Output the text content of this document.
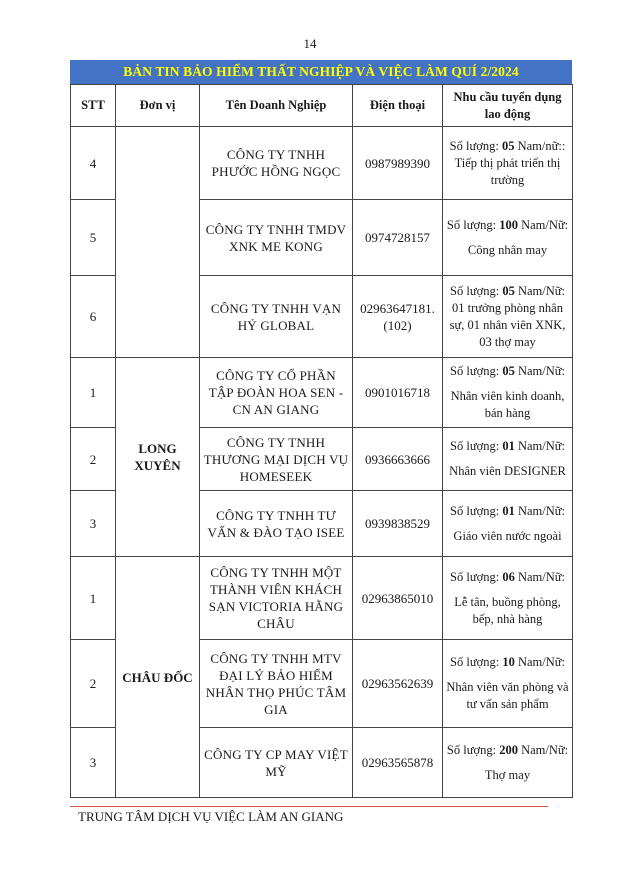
14
BẢN TIN BẢO HIỂM THẤT NGHIỆP VÀ VIỆC LÀM QUÍ 2/2024
STT	Đơn vị	Tên Doanh Nghiệp	Điện thoại	Nhu cầu tuyển dụng lao động
4		CÔNG TY TNHH PHƯỚC HỒNG NGỌC	0987989390	Số lượng: 05 Nam/nữ::
Tiếp thị phát triển thị trường

5		CÔNG TY TNHH TMDV XNK ME KONG	0974728157	Số lượng: 100 Nam/Nữ:
Công nhân may

6		CÔNG TY TNHH VẠN HỶ GLOBAL	02963647181. (102)	Số lượng: 05 Nam/Nữ:
01 trưởng phòng nhân sự, 01 nhân viên XNK, 03 thợ may

1	LONG XUYÊN	CÔNG TY CỔ PHẦN TẬP ĐOÀN HOA SEN - CN AN GIANG	0901016718	Số lượng: 05 Nam/Nữ:
Nhân viên kinh doanh, bán hàng

2		CÔNG TY TNHH THƯƠNG MẠI DỊCH VỤ HOMESEEK	0936663666	Số lượng: 01 Nam/Nữ:
Nhân viên DESIGNER

3		CÔNG TY TNHH TƯ VẤN & ĐÀO TẠO ISEE	0939838529	Số lượng: 01 Nam/Nữ:
Giáo viên nước ngoài

1	CHÂU ĐỐC	CÔNG TY TNHH MỘT THÀNH VIÊN KHÁCH SẠN VICTORIA HẰNG CHÂU	02963865010	Số lượng: 06 Nam/Nữ:
Lễ tân, buồng phòng, bếp, nhà hàng

2		CÔNG TY TNHH MTV ĐẠI LÝ BẢO HIỂM NHÂN THỌ PHÚC TÂM GIA	02963562639	Số lượng: 10 Nam/Nữ:
Nhân viên văn phòng và tư vấn sản phẩm

3		CÔNG TY CP MAY VIỆT MỸ	02963565878	Số lượng: 200 Nam/Nữ:
Thợ may
TRUNG TÂM DỊCH VỤ VIỆC LÀM AN GIANG
